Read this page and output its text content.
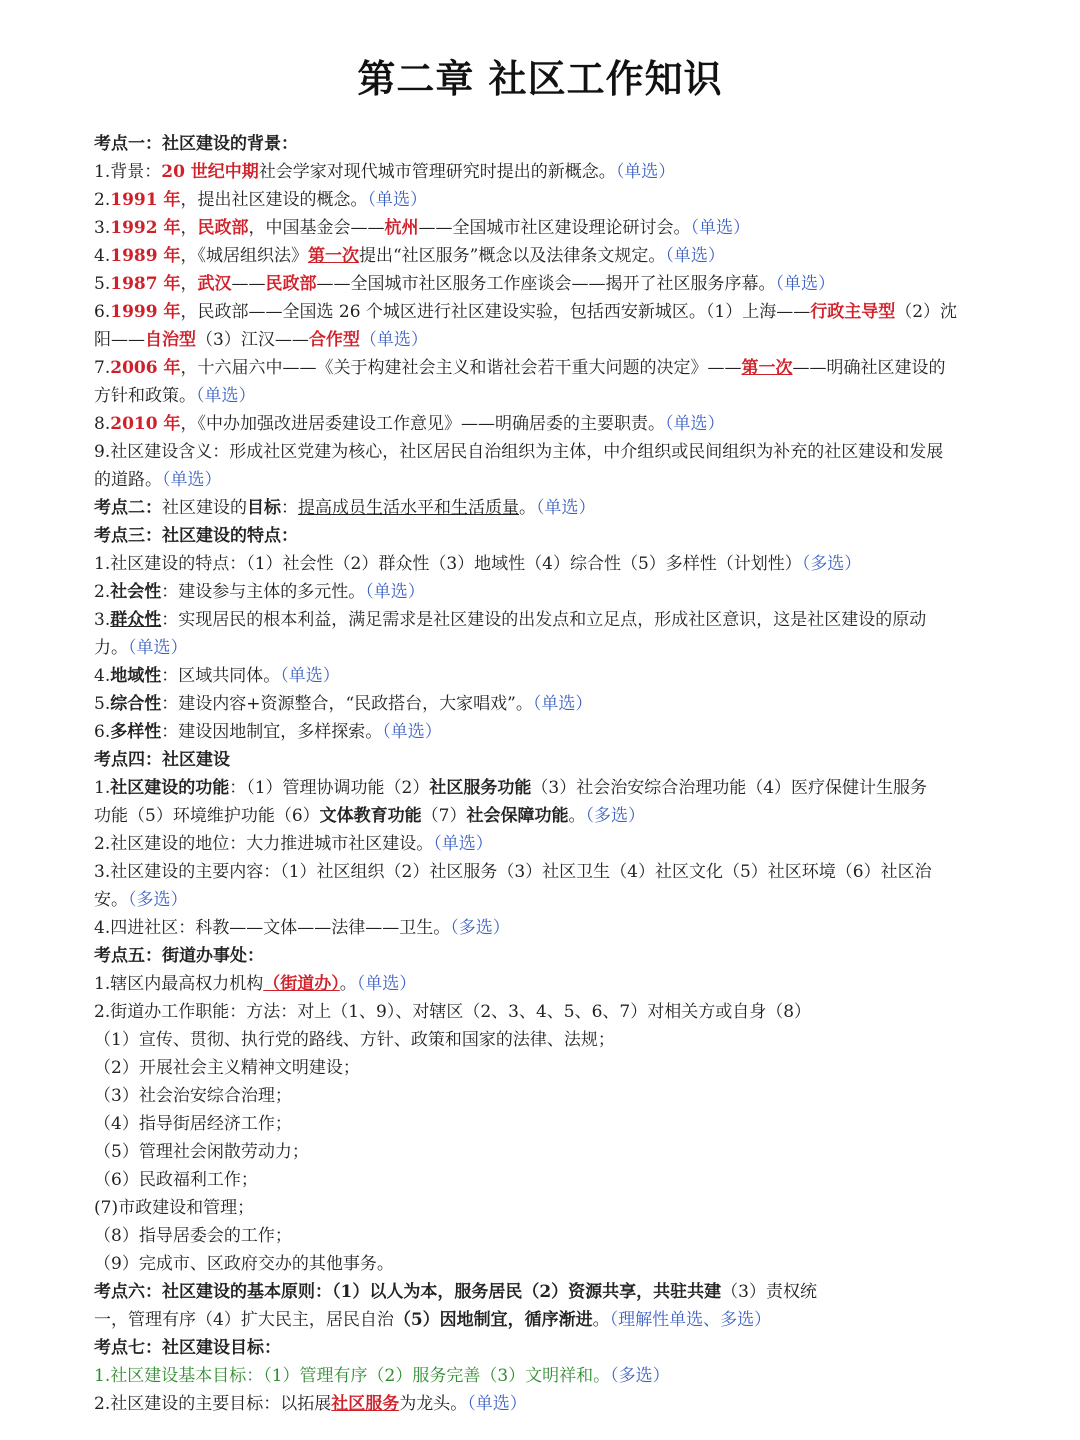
第二章 社区工作知识
考点一：社区建设的背景：
1.背景：20 世纪中期社会学家对现代城市管理研究时提出的新概念。（单选）
2.1991 年，提出社区建设的概念。（单选）
3.1992 年，民政部，中国基金会——杭州——全国城市社区建设理论研讨会。（单选）
4.1989 年，《城居组织法》第一次提出“社区服务”概念以及法律条文规定。（单选）
5.1987 年，武汉——民政部——全国城市社区服务工作座谈会——揭开了社区服务序幕。（单选）
6.1999 年，民政部——全国选 26 个城区进行社区建设实验，包括西安新城区。（1）上海——行政主导型（2）沈
阳——自治型（3）江汉——合作型（单选）
7.2006 年，十六届六中——《关于构建社会主义和谐社会若干重大问题的决定》——第一次——明确社区建设的
方针和政策。（单选）
8.2010 年，《中办加强改进居委建设工作意见》——明确居委的主要职责。（单选）
9.社区建设含义：形成社区党建为核心，社区居民自治组织为主体，中介组织或民间组织为补充的社区建设和发展
的道路。（单选）
考点二：社区建设的目标：提高成员生活水平和生活质量。（单选）
考点三：社区建设的特点：
1.社区建设的特点：（1）社会性（2）群众性（3）地域性（4）综合性（5）多样性（计划性）（多选）
2.社会性：建设参与主体的多元性。（单选）
3.群众性：实现居民的根本利益，满足需求是社区建设的出发点和立足点，形成社区意识，这是社区建设的原动
力。（单选）
4.地域性：区域共同体。（单选）
5.综合性：建设内容+资源整合，“民政搭台，大家唱戏”。（单选）
6.多样性：建设因地制宜，多样探索。（单选）
考点四：社区建设
1.社区建设的功能：（1）管理协调功能（2）社区服务功能（3）社会治安综合治理功能（4）医疗保健计生服务
功能（5）环境维护功能（6）文体教育功能（7）社会保障功能。（多选）
2.社区建设的地位：大力推进城市社区建设。（单选）
3.社区建设的主要内容：（1）社区组织（2）社区服务（3）社区卫生（4）社区文化（5）社区环境（6）社区治
安。（多选）
4.四进社区：科教——文体——法律——卫生。（多选）
考点五：街道办事处：
1.辖区内最高权力机构（街道办）。（单选）
2.街道办工作职能：方法：对上（1、9）、对辖区（2、3、4、5、6、7）对相关方或自身（8）
（1）宣传、贯彻、执行党的路线、方针、政策和国家的法律、法规；
（2）开展社会主义精神文明建设；
（3）社会治安综合治理；
（4）指导街居经济工作；
（5）管理社会闲散劳动力；
（6）民政福利工作；
(7)市政建设和管理；
（8）指导居委会的工作；
（9）完成市、区政府交办的其他事务。
考点六：社区建设的基本原则：（1）以人为本，服务居民（2）资源共享，共驻共建（3）责权统
一，管理有序（4）扩大民主，居民自治（5）因地制宜，循序渐进。（理解性单选、多选）
考点七：社区建设目标：
1.社区建设基本目标：（1）管理有序（2）服务完善（3）文明祥和。（多选）
2.社区建设的主要目标：以拓展社区服务为龙头。（单选）
